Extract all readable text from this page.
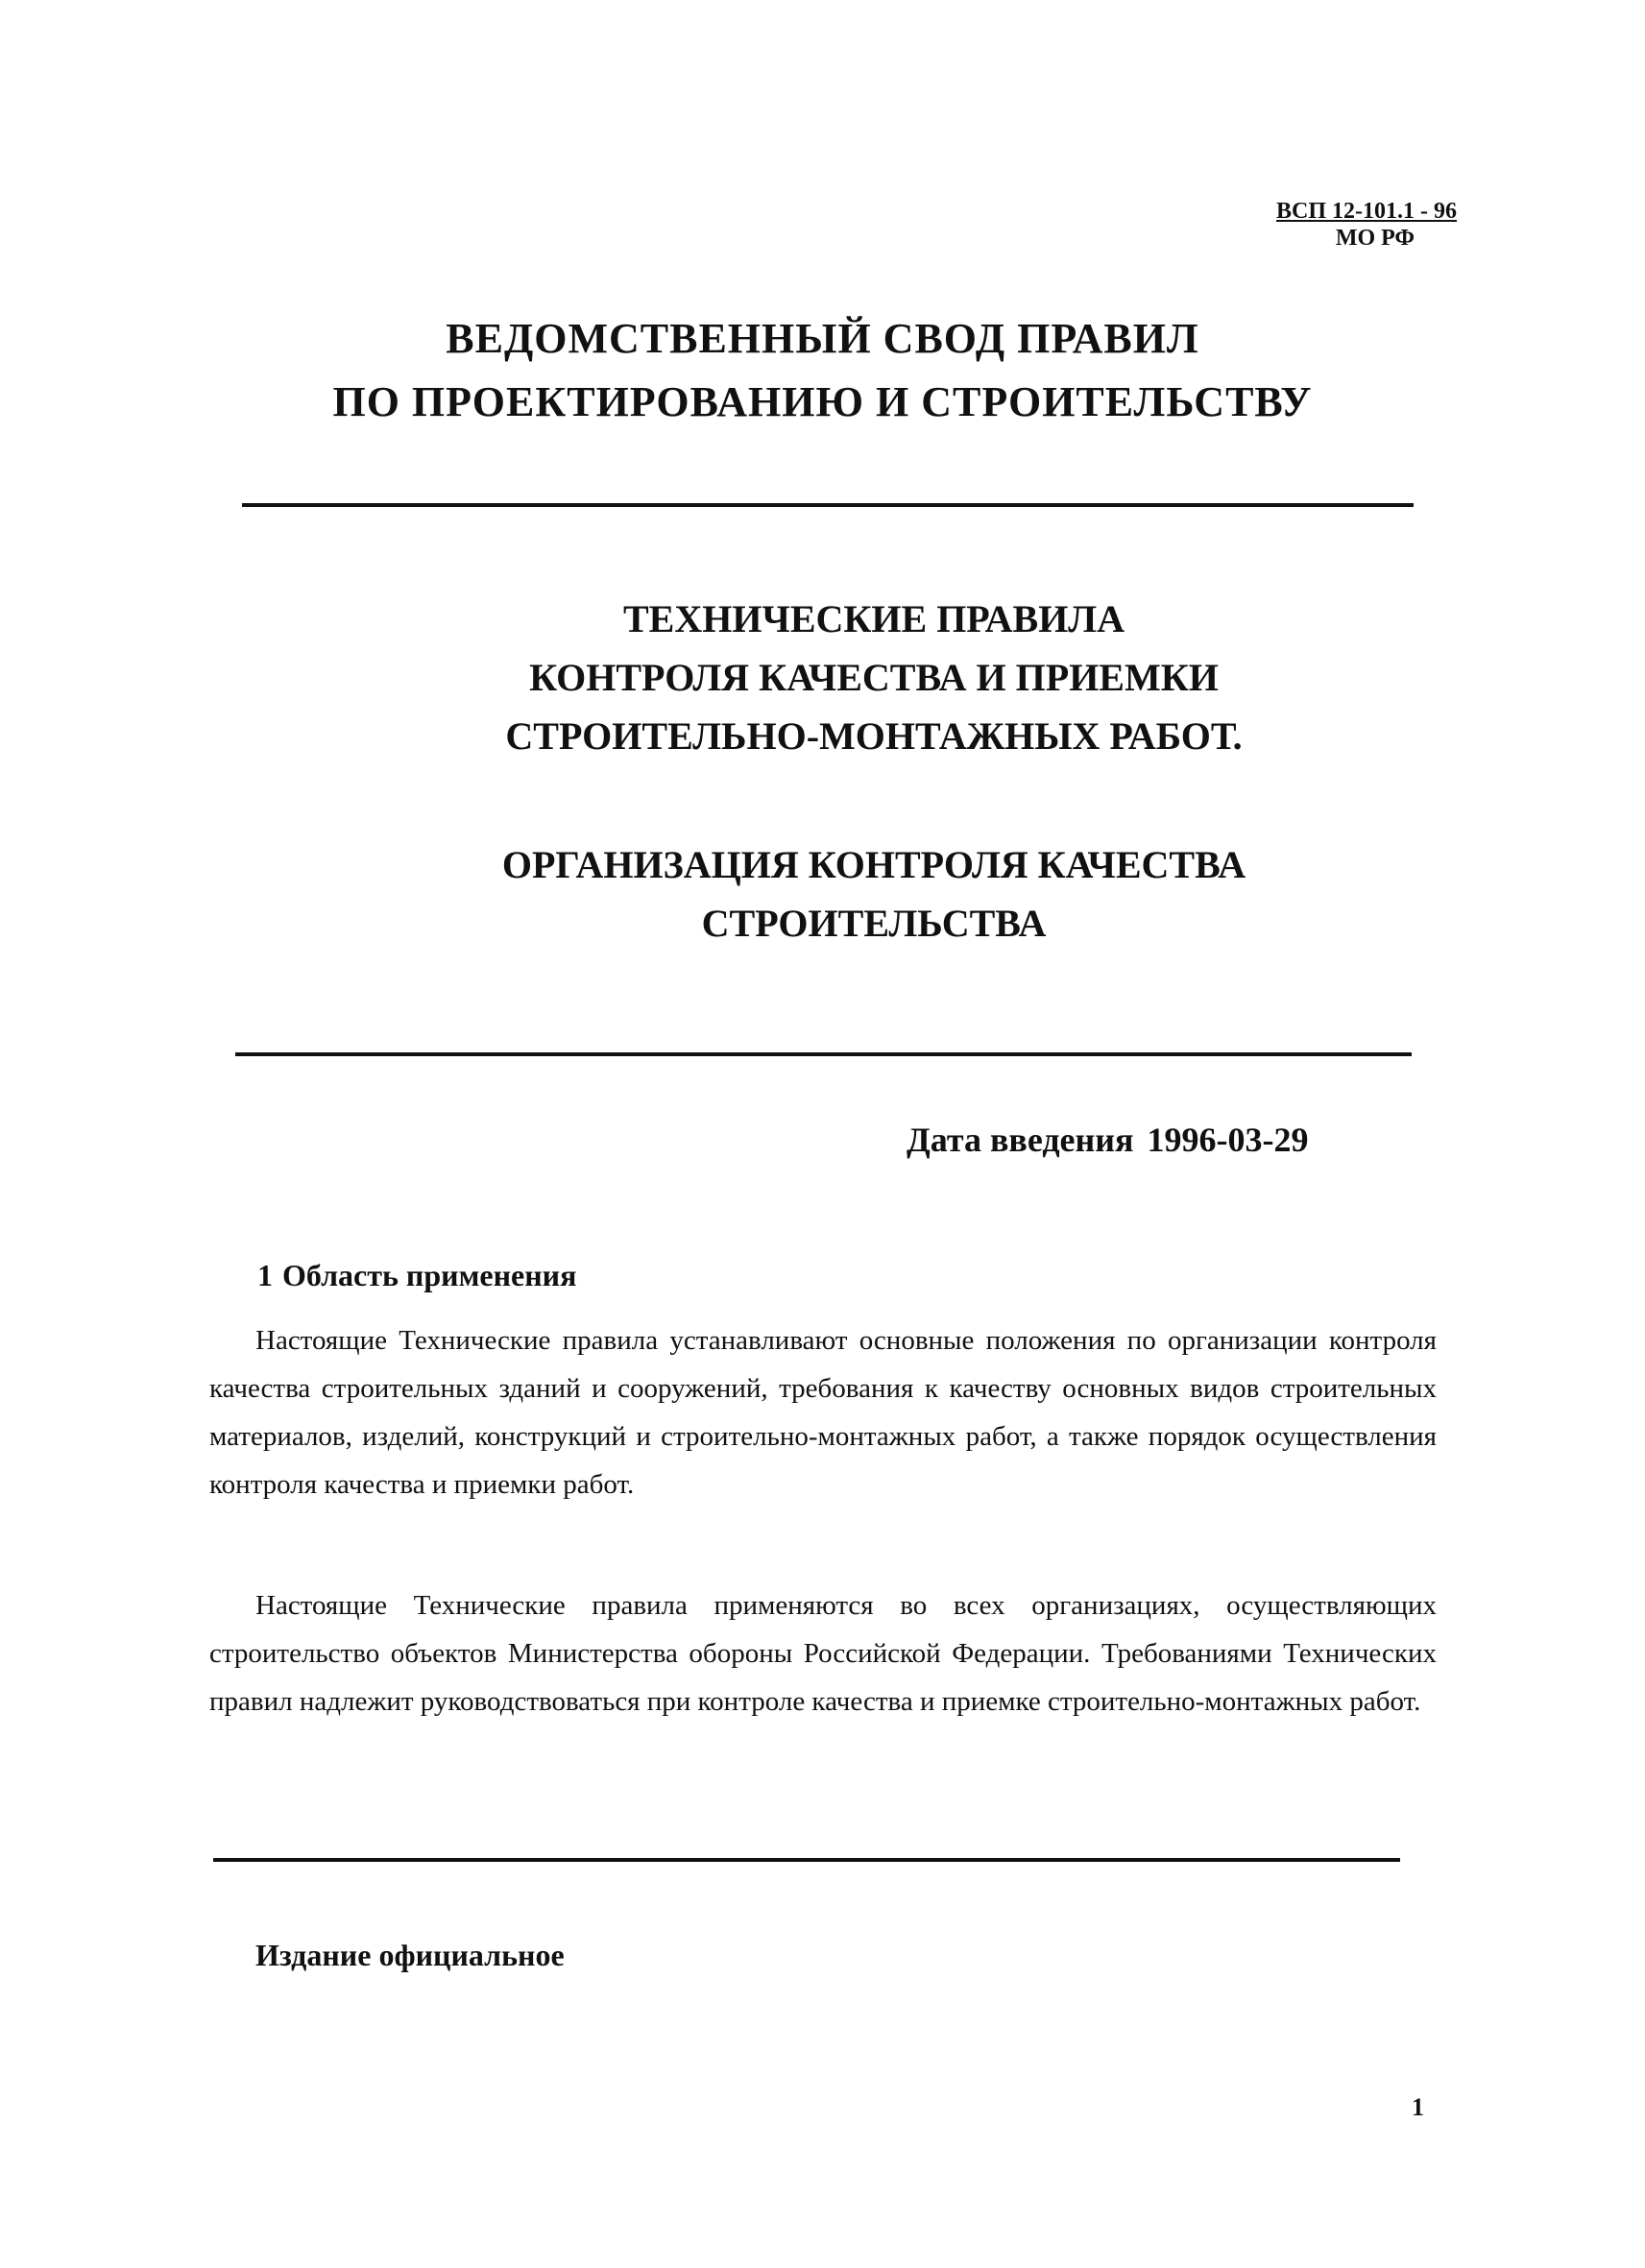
ВСП 12-101.1 - 96
МО РФ
ВЕДОМСТВЕННЫЙ СВОД ПРАВИЛ
ПО ПРОЕКТИРОВАНИЮ И СТРОИТЕЛЬСТВУ
ТЕХНИЧЕСКИЕ ПРАВИЛА
КОНТРОЛЯ КАЧЕСТВА И ПРИЕМКИ
СТРОИТЕЛЬНО-МОНТАЖНЫХ РАБОТ.
ОРГАНИЗАЦИЯ КОНТРОЛЯ КАЧЕСТВА
СТРОИТЕЛЬСТВА
Дата введения 1996-03-29
1 Область применения

Настоящие Технические правила устанавливают основные положения по организации контроля качества строительных зданий и сооружений, требования к качеству основных видов строительных материалов, изделий, конструкций и строительно-монтажных работ, а также порядок осуществления контроля качества и приемки работ.

Настоящие Технические правила применяются во всех организациях, осуществляющих строительство объектов Министерства обороны Российской Федерации. Требованиями Технических правил надлежит руководствоваться при контроле качества и приемке строительно-монтажных работ.

Издание официальное
1
